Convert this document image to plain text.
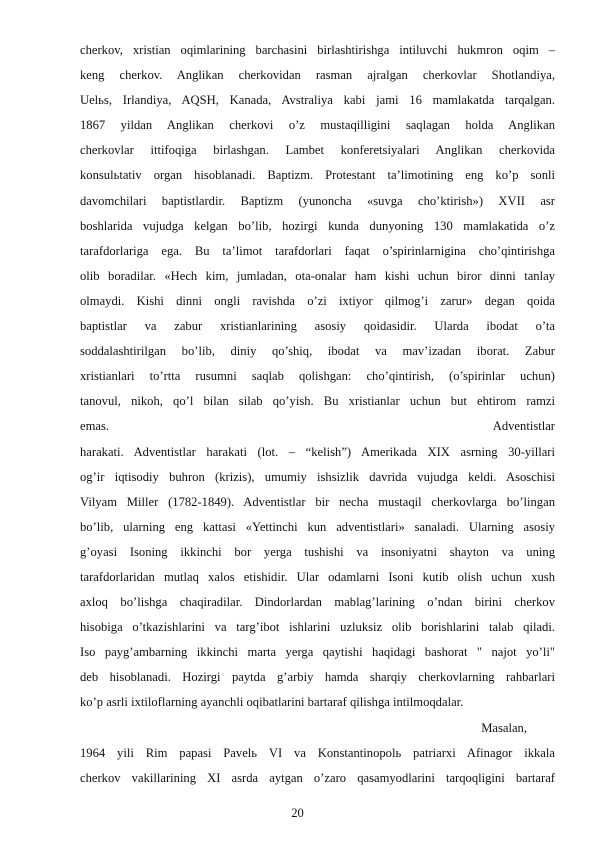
cherkov, xristian oqimlarining barchasini birlashtirishga intiluvchi hukmron oqim –
keng cherkov. Anglikan cherkovidan rasman ajralgan cherkovlar Shotlandiya,
Uelьs, Irlandiya, AQSH, Kanada, Avstraliya kabi jami 16 mamlakatda tarqalgan.
1867 yildan Anglikan cherkovi o’z mustaqilligini saqlagan holda Anglikan
cherkovlar ittifoqiga birlashgan. Lambet konferetsiyalari Anglikan cherkovida
konsulьtativ organ hisoblanadi. Baptizm. Protestant ta’limotining eng ko’p sonli
davomchilari baptistlardir. Baptizm (yunoncha «suvga cho’ktirish») XVII asr
boshlarida vujudga kelgan bo’lib, hozirgi kunda dunyoning 130 mamlakatida o’z
tarafdorlariga ega. Bu ta’limot tarafdorlari faqat o’spirinlarnigina cho’qintirishga
olib boradilar. «Hech kim, jumladan, ota-onalar ham kishi uchun biror dinni tanlay
olmaydi. Kishi dinni ongli ravishda o’zi ixtiyor qilmog’i zarur» degan qoida
baptistlar va zabur xristianlarining asosiy qoidasidir. Ularda ibodat o’ta
soddalashtirilgan bo’lib, diniy qo’shiq, ibodat va mav’izadan iborat. Zabur
xristianlari to’rtta rusumni saqlab qolishgan: cho’qintirish, (o’spirinlar uchun)
tanovul, nikoh, qo’l bilan silab qo’yish. Bu xristianlar uchun but ehtirom ramzi
emas. Adventistlar
harakati. Adventistlar harakati (lot. – “kelish”) Amerikada XIX asrning 30-yillari
og’ir iqtisodiy buhron (krizis), umumiy ishsizlik davrida vujudga keldi. Asoschisi
Vilyam Miller (1782-1849). Adventistlar bir necha mustaqil cherkovlarga bo’lingan
bo’lib, ularning eng kattasi «Yettinchi kun adventistlari» sanaladi. Ularning asosiy
g’oyasi Isoning ikkinchi bor yerga tushishi va insoniyatni shayton va uning
tarafdorlaridan mutlaq xalos etishidir. Ular odamlarni Isoni kutib olish uchun xush
axloq bo’lishga chaqiradilar. Dindorlardan mablag’larining o’ndan birini cherkov
hisobiga o’tkazishlarini va targ’ibot ishlarini uzluksiz olib borishlarini talab qiladi.
Iso payg’ambarning ikkinchi marta yerga qaytishi haqidagi bashorat " najot yo’li"
deb hisoblanadi. Hozirgi paytda g’arbiy hamda sharqiy cherkovlarning rahbarlari
ko’p asrli ixtiloflarning ayanchli oqibatlarini bartaraf qilishga intilmoqdalar.
Masalan,
1964 yili Rim papasi Pavelь VI va Konstantinopolь patriarxi Afinagor ikkala
cherkov vakillarining XI asrda aytgan o’zaro qasamyodlarini tarqoqligini bartaraf
20
